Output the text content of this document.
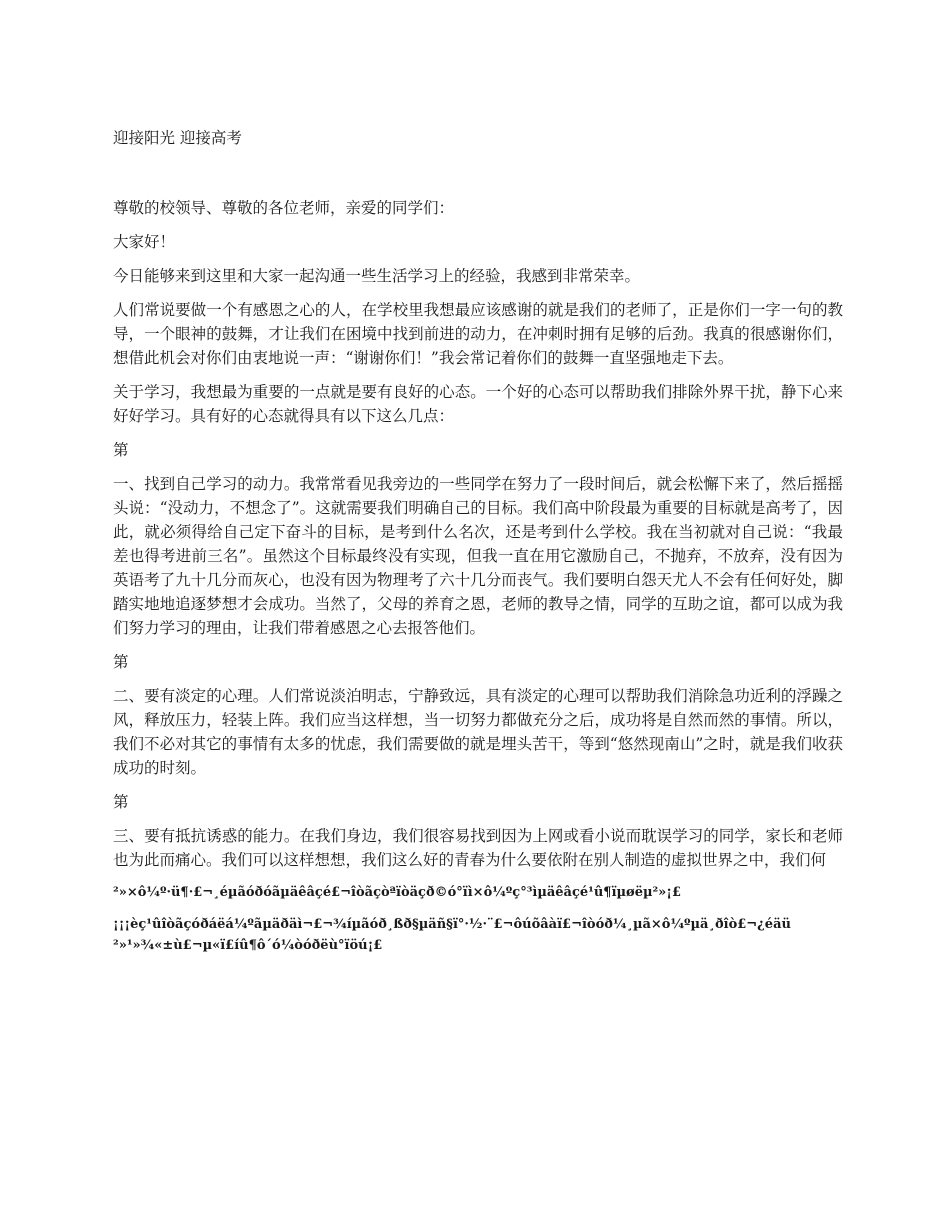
迎接阳光 迎接高考

尊敬的校领导、尊敬的各位老师，亲爱的同学们：

大家好！

今日能够来到这里和大家一起沟通一些生活学习上的经验，我感到非常荣幸。

人们常说要做一个有感恩之心的人，在学校里我想最应该感谢的就是我们的老师了，正是你们一字一句的教导，一个眼神的鼓舞，才让我们在困境中找到前进的动力，在冲刺时拥有足够的后劲。我真的很感谢你们，想借此机会对你们由衷地说一声：“谢谢你们！”我会常记着你们的鼓舞一直坚强地走下去。

关于学习，我想最为重要的一点就是要有良好的心态。一个好的心态可以帮助我们排除外界干扰，静下心来好好学习。具有好的心态就得具有以下这么几点：

第

一、找到自己学习的动力。我常常看见我旁边的一些同学在努力了一段时间后，就会松懈下来了，然后摇摇头说：“没动力，不想念了”。这就需要我们明确自己的目标。我们高中阶段最为重要的目标就是高考了，因此，就必须得给自己定下奋斗的目标，是考到什么名次，还是考到什么学校。我在当初就对自己说：“我最差也得考进前三名”。虽然这个目标最终没有实现，但我一直在用它激励自己，不抛弃，不放弃，没有因为英语考了九十几分而灰心，也没有因为物理考了六十几分而丧气。我们要明白怨天尤人不会有任何好处，脚踏实地地追逐梦想才会成功。当然了，父母的养育之恩，老师的教导之情，同学的互助之谊，都可以成为我们努力学习的理由，让我们带着感恩之心去报答他们。

第

二、要有淡定的心理。人们常说淡泊明志，宁静致远，具有淡定的心理可以帮助我们消除急功近利的浮躁之风，释放压力，轻装上阵。我们应当这样想，当一切努力都做充分之后，成功将是自然而然的事情。所以，我们不必对其它的事情有太多的忧虑，我们需要做的就是埋头苦干，等到“悠然现南山”之时，就是我们收获成功的时刻。

第

三、要有抵抗诱惑的能力。在我们身边，我们很容易找到因为上网或看小说而耽误学习的同学，家长和老师也为此而痛心。我们可以这样想想，我们这么好的青春为什么要依附在别人制造的虚拟世界之中，我们何

²»×ô¼º·ü¶·£¬¸éµãóðóãµäêâçé£¬îòãçòªïòäçð©ó°ïì×ô¼ºç°³ìµäêâçé¹û¶ïµøëµ²»¡£

¡¡¡èç¹ûîòãçóðáëá¼ºãµäðäì¬£¬¾íµãóð¸ßð§µäñ§ï°·½·¨£¬ôúõâàï£¬îòóð¼¸µã×ô¼ºµä¸ðîò£¬¿éäü²»¹»¾«±ù£¬µ«ï£íû¶ô´ó¼òóðëù°ïöú¡£
